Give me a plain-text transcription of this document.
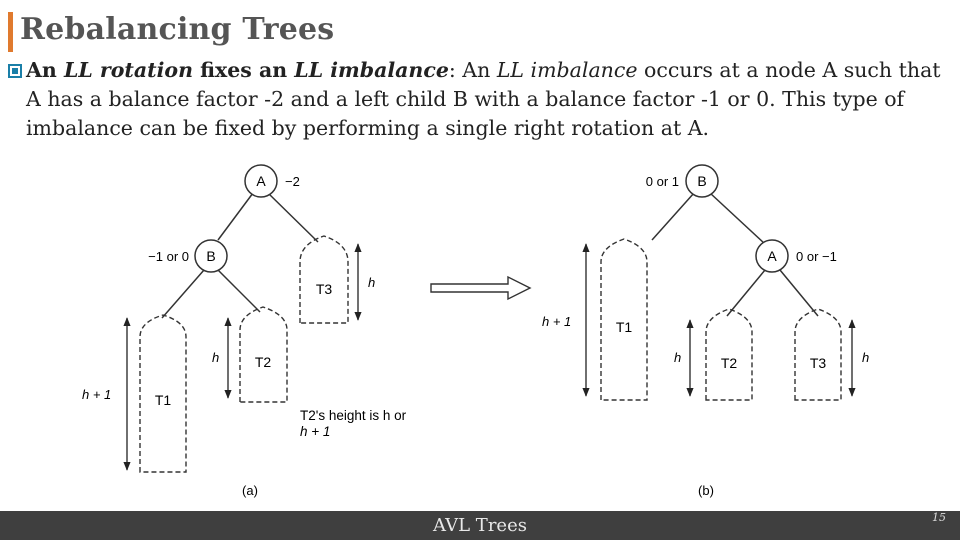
Rebalancing Trees
An LL rotation fixes an LL imbalance: An LL imbalance occurs at a node A such that A has a balance factor -2 and a left child B with a balance factor -1 or 0. This type of imbalance can be fixed by performing a single right rotation at A.
A −2
B
−1 or 0
T3	h
T2
h
T1
h + 1
T2's height is h or
h + 1
(a)
B
0 or 1
A 0 or −1
T1
h + 1
T2
h	T3	h
(b)
AVL Trees	15
